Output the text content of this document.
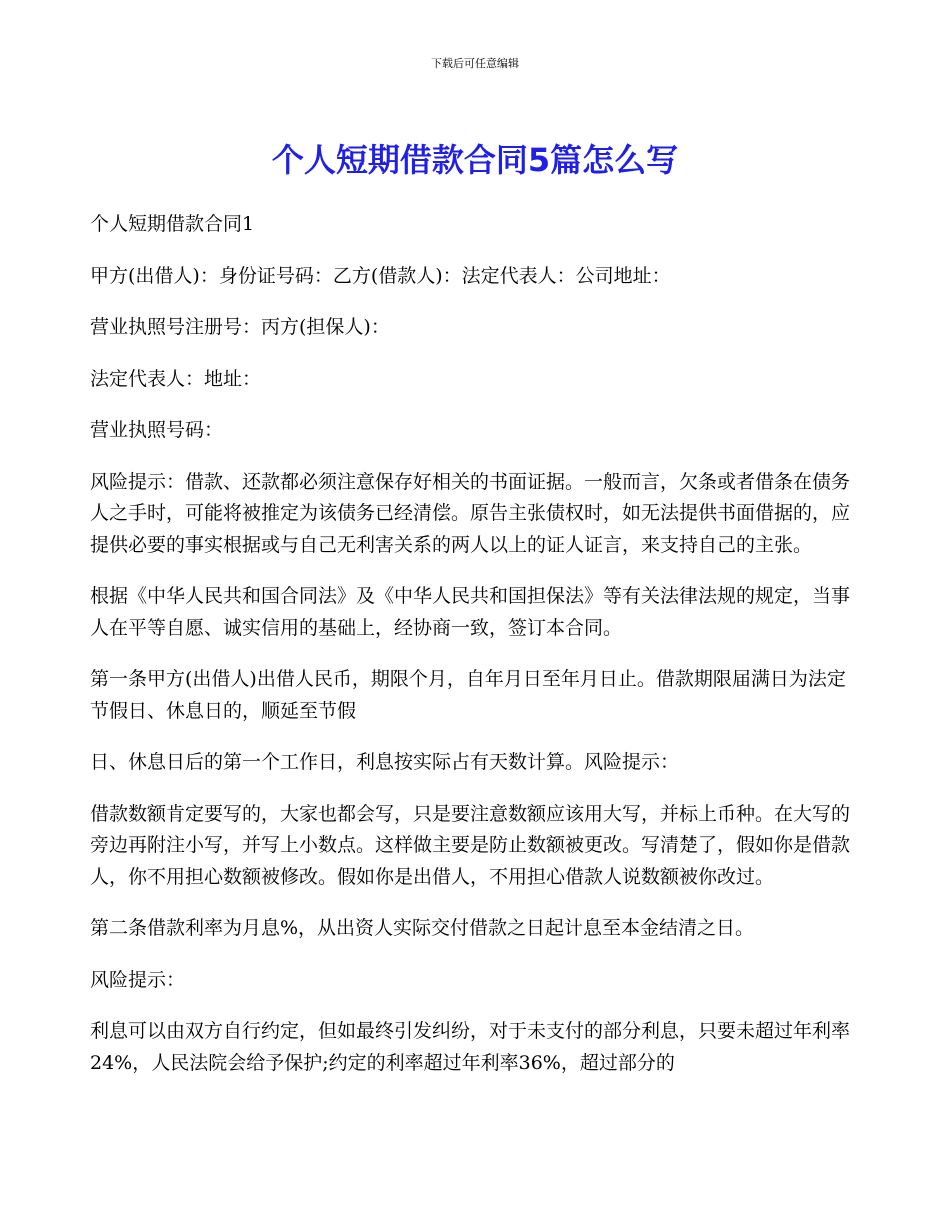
下载后可任意编辑
个人短期借款合同5篇怎么写

个人短期借款合同1

甲方(出借人)：身份证号码：乙方(借款人)：法定代表人：公司地址：

营业执照号注册号：丙方(担保人)：

法定代表人：地址：

营业执照号码：

风险提示：借款、还款都必须注意保存好相关的书面证据。一般而言，欠条或者借条在债务人之手时，可能将被推定为该债务已经清偿。原告主张债权时，如无法提供书面借据的，应提供必要的事实根据或与自己无利害关系的两人以上的证人证言，来支持自己的主张。

根据《中华人民共和国合同法》及《中华人民共和国担保法》等有关法律法规的规定，当事人在平等自愿、诚实信用的基础上，经协商一致，签订本合同。

第一条甲方(出借人)出借人民币，期限个月，自年月日至年月日止。借款期限届满日为法定节假日、休息日的，顺延至节假

日、休息日后的第一个工作日，利息按实际占有天数计算。风险提示：

借款数额肯定要写的，大家也都会写，只是要注意数额应该用大写，并标上币种。在大写的旁边再附注小写，并写上小数点。这样做主要是防止数额被更改。写清楚了，假如你是借款人，你不用担心数额被修改。假如你是出借人，不用担心借款人说数额被你改过。

第二条借款利率为月息%，从出资人实际交付借款之日起计息至本金结清之日。

风险提示：

利息可以由双方自行约定，但如最终引发纠纷，对于未支付的部分利息，只要未超过年利率24%，人民法院会给予保护;约定的利率超过年利率36%，超过部分的
